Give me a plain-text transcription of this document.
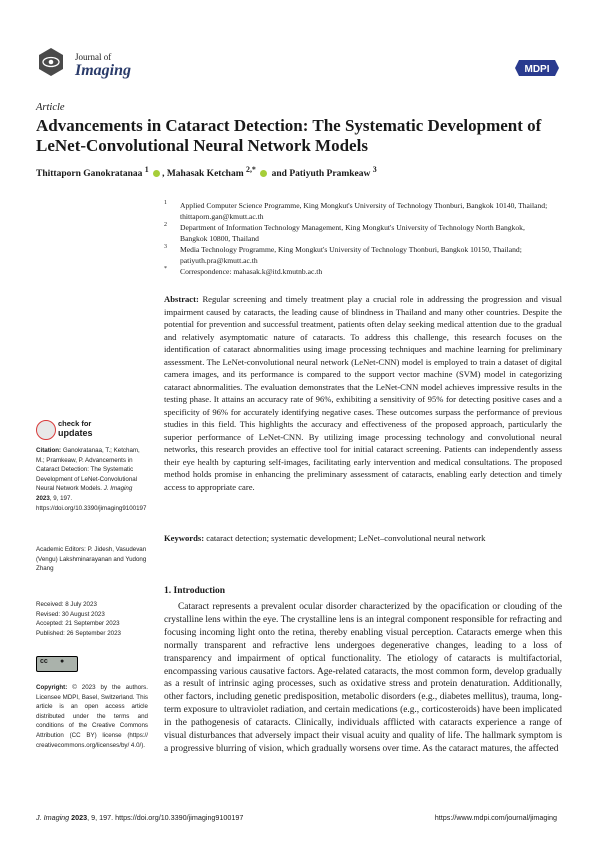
Journal of
Imaging	MDPI
Article
Advancements in Cataract Detection: The Systematic Development of LeNet-Convolutional Neural Network Models
Thittaporn Ganokratanaa $^1$ , Mahasak Ketcham $^{2,*}$ and Patiyuth Pramkeaw $^3$

1 Applied Computer Science Programme, King Mongkut's University of Technology Thonburi, Bangkok 10140, Thailand; thittaporn.gan@kmutt.ac.th

2 Department of Information Technology Management, King Mongkut's University of Technology North Bangkok, Bangkok 10800, Thailand

3 Media Technology Programme, King Mongkut's University of Technology Thonburi, Bangkok 10150, Thailand; patiyuth.pra@kmutt.ac.th

* Correspondence: mahasak.k@itd.kmutnb.ac.th

Abstract: Regular screening and timely treatment play a crucial role in addressing the progression and visual impairment caused by cataracts, the leading cause of blindness in Thailand and many other countries. Despite the potential for prevention and successful treatment, patients often delay seeking medical attention due to the gradual and relatively asymptomatic nature of cataracts. To address this challenge, this research focuses on the identification of cataract abnormalities using image processing techniques and machine learning for preliminary assessment. The LeNet-convolutional neural network (LeNet-CNN) model is employed to train a dataset of digital camera images, and its performance is compared to the support vector machine (SVM) model in categorizing cataract abnormalities. The evaluation demonstrates that the LeNet-CNN model achieves impressive results in the testing phase. It attains an accuracy rate of 96%, exhibiting a sensitivity of 95% for detecting positive cases and a specificity of 96% for accurately identifying negative cases. These outcomes surpass the performance of previous studies in this field. This highlights the accuracy and effectiveness of the proposed approach, particularly the superior performance of LeNet-CNN. By utilizing image processing technology and convolutional neural networks, this research provides an effective tool for initial cataract screening. Patients can independently assess their eye health by capturing self-images, facilitating early intervention and medical consultations. The proposed method holds promise in enhancing the preliminary assessment of cataracts, enabling early detection and timely access to appropriate care.
Keywords: cataract detection; systematic development; LeNet–convolutional neural network
1. Introduction
Cataract represents a prevalent ocular disorder characterized by the opacification or clouding of the crystalline lens within the eye. The crystalline lens is an integral component responsible for refracting and focusing incoming light onto the retina, thereby enabling visual perception. Cataracts emerge when this normally transparent and refractive lens undergoes degenerative changes, leading to a loss of transparency and impairment of optical functionality. The etiology of cataracts is multifactorial, encompassing various causative factors. Age-related cataracts, the most common form, develop gradually as a result of intrinsic aging processes, such as oxidative stress and protein denaturation. Additionally, other factors, including genetic predisposition, metabolic disorders (e.g., diabetes mellitus), trauma, long-term exposure to ultraviolet radiation, and certain medications (e.g., corticosteroids) have been implicated in the pathogenesis of cataracts. Clinically, individuals afflicted with cataracts experience a range of visual disturbances that adversely impact their visual acuity and quality of life. The hallmark symptom is a progressive blurring of vision, which gradually worsens over time. As the cataract matures, the affected
check for
updates
Citation: Ganokratanaa, T.; Ketcham, M.; Pramkeaw, P. Advancements in Cataract Detection: The Systematic Development of LeNet-Convolutional Neural Network Models. J. Imaging 2023, 9, 197. https://doi.org/10.3390/jimaging9100197
Academic Editors: P. Jidesh, Vasudevan (Vengu) Lakshminarayanan and Yudong Zhang
Received: 8 July 2023
Revised: 30 August 2023
Accepted: 21 September 2023
Published: 26 September 2023
cc ●
Copyright: © 2023 by the authors. Licensee MDPI, Basel, Switzerland. This article is an open access article distributed under the terms and conditions of the Creative Commons Attribution (CC BY) license (https:// creativecommons.org/licenses/by/ 4.0/).
J. Imaging 2023, 9, 197. https://doi.org/10.3390/jimaging9100197	https://www.mdpi.com/journal/jimaging
